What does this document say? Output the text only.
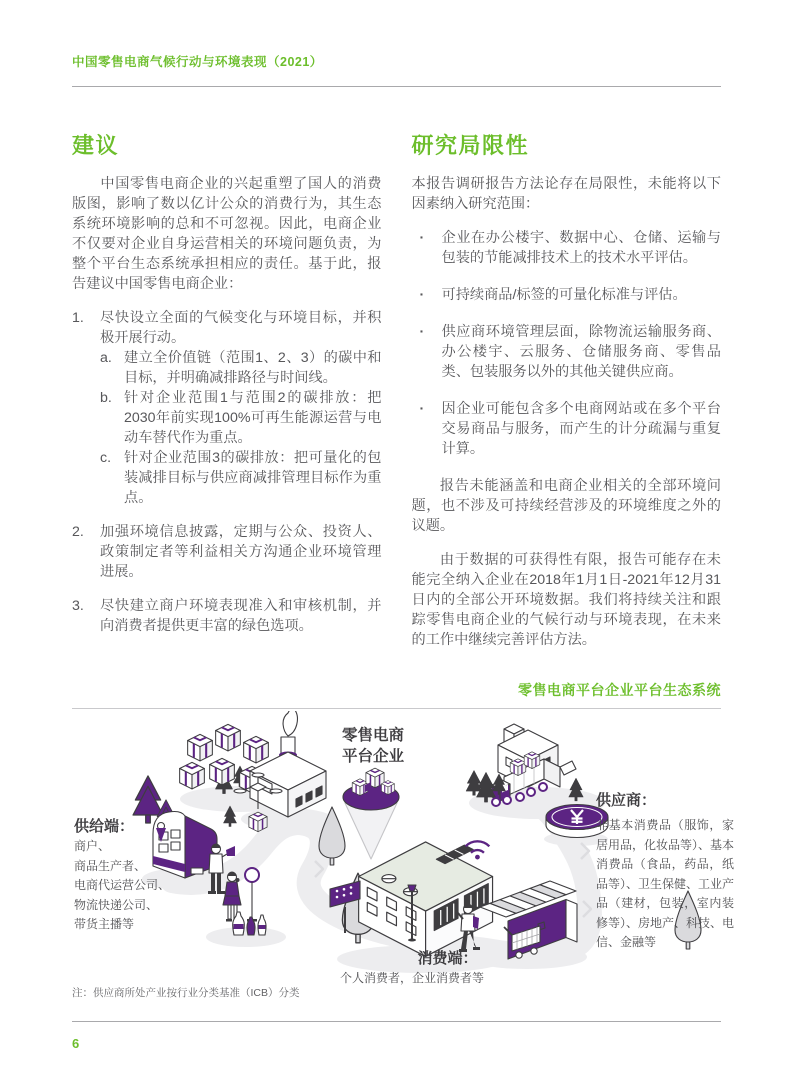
中国零售电商气候行动与环境表现（2021）
建议

中国零售电商企业的兴起重塑了国人的消费版图，影响了数以亿计公众的消费行为，其生态系统环境影响的总和不可忽视。因此，电商企业不仅要对企业自身运营相关的环境问题负责，为整个平台生态系统承担相应的责任。基于此，报告建议中国零售电商企业：

1.	尽快设立全面的气候变化与环境目标，并积极开展行动。
a. 建立全价值链（范围1、2、3）的碳中和目标，并明确减排路径与时间线。
b. 针对企业范围1与范围2的碳排放：把2030年前实现100%可再生能源运营与电动车替代作为重点。
c. 针对企业范围3的碳排放：把可量化的包装减排目标与供应商减排管理目标作为重点。
2.	加强环境信息披露，定期与公众、投资人、政策制定者等利益相关方沟通企业环境管理进展。
3.	尽快建立商户环境表现准入和审核机制，并向消费者提供更丰富的绿色选项。
研究局限性

本报告调研报告方法论存在局限性，未能将以下因素纳入研究范围：

· 企业在办公楼宇、数据中心、仓储、运输与包装的节能减排技术上的技术水平评估。
· 可持续商品/标签的可量化标准与评估。
· 供应商环境管理层面，除物流运输服务商、办公楼宇、云服务、仓储服务商、零售品类、包装服务以外的其他关键供应商。
· 因企业可能包含多个电商网站或在多个平台交易商品与服务，而产生的计分疏漏与重复计算。

报告未能涵盖和电商企业相关的全部环境问题，也不涉及可持续经营涉及的环境维度之外的议题。

由于数据的可获得性有限，报告可能存在未能完全纳入企业在2018年1月1日-2021年12月31日内的全部公开环境数据。我们将持续关注和跟踪零售电商企业的气候行动与环境表现，在未来的工作中继续完善评估方法。

零售电商平台企业平台生态系统
零售电商
平台企业
供给端：
商户、
商品生产者、
电商代运营公司、
物流快递公司、
带货主播等
供应商：
非基本消费品（服饰，家居用品，化妆品等）、基本消费品（食品，药品，纸品等）、卫生保健、工业产品（建材，包装，室内装修等）、房地产、科技、电信、金融等
消费端：
个人消费者，企业消费者等
注：供应商所处产业按行业分类基准（ICB）分类
6
